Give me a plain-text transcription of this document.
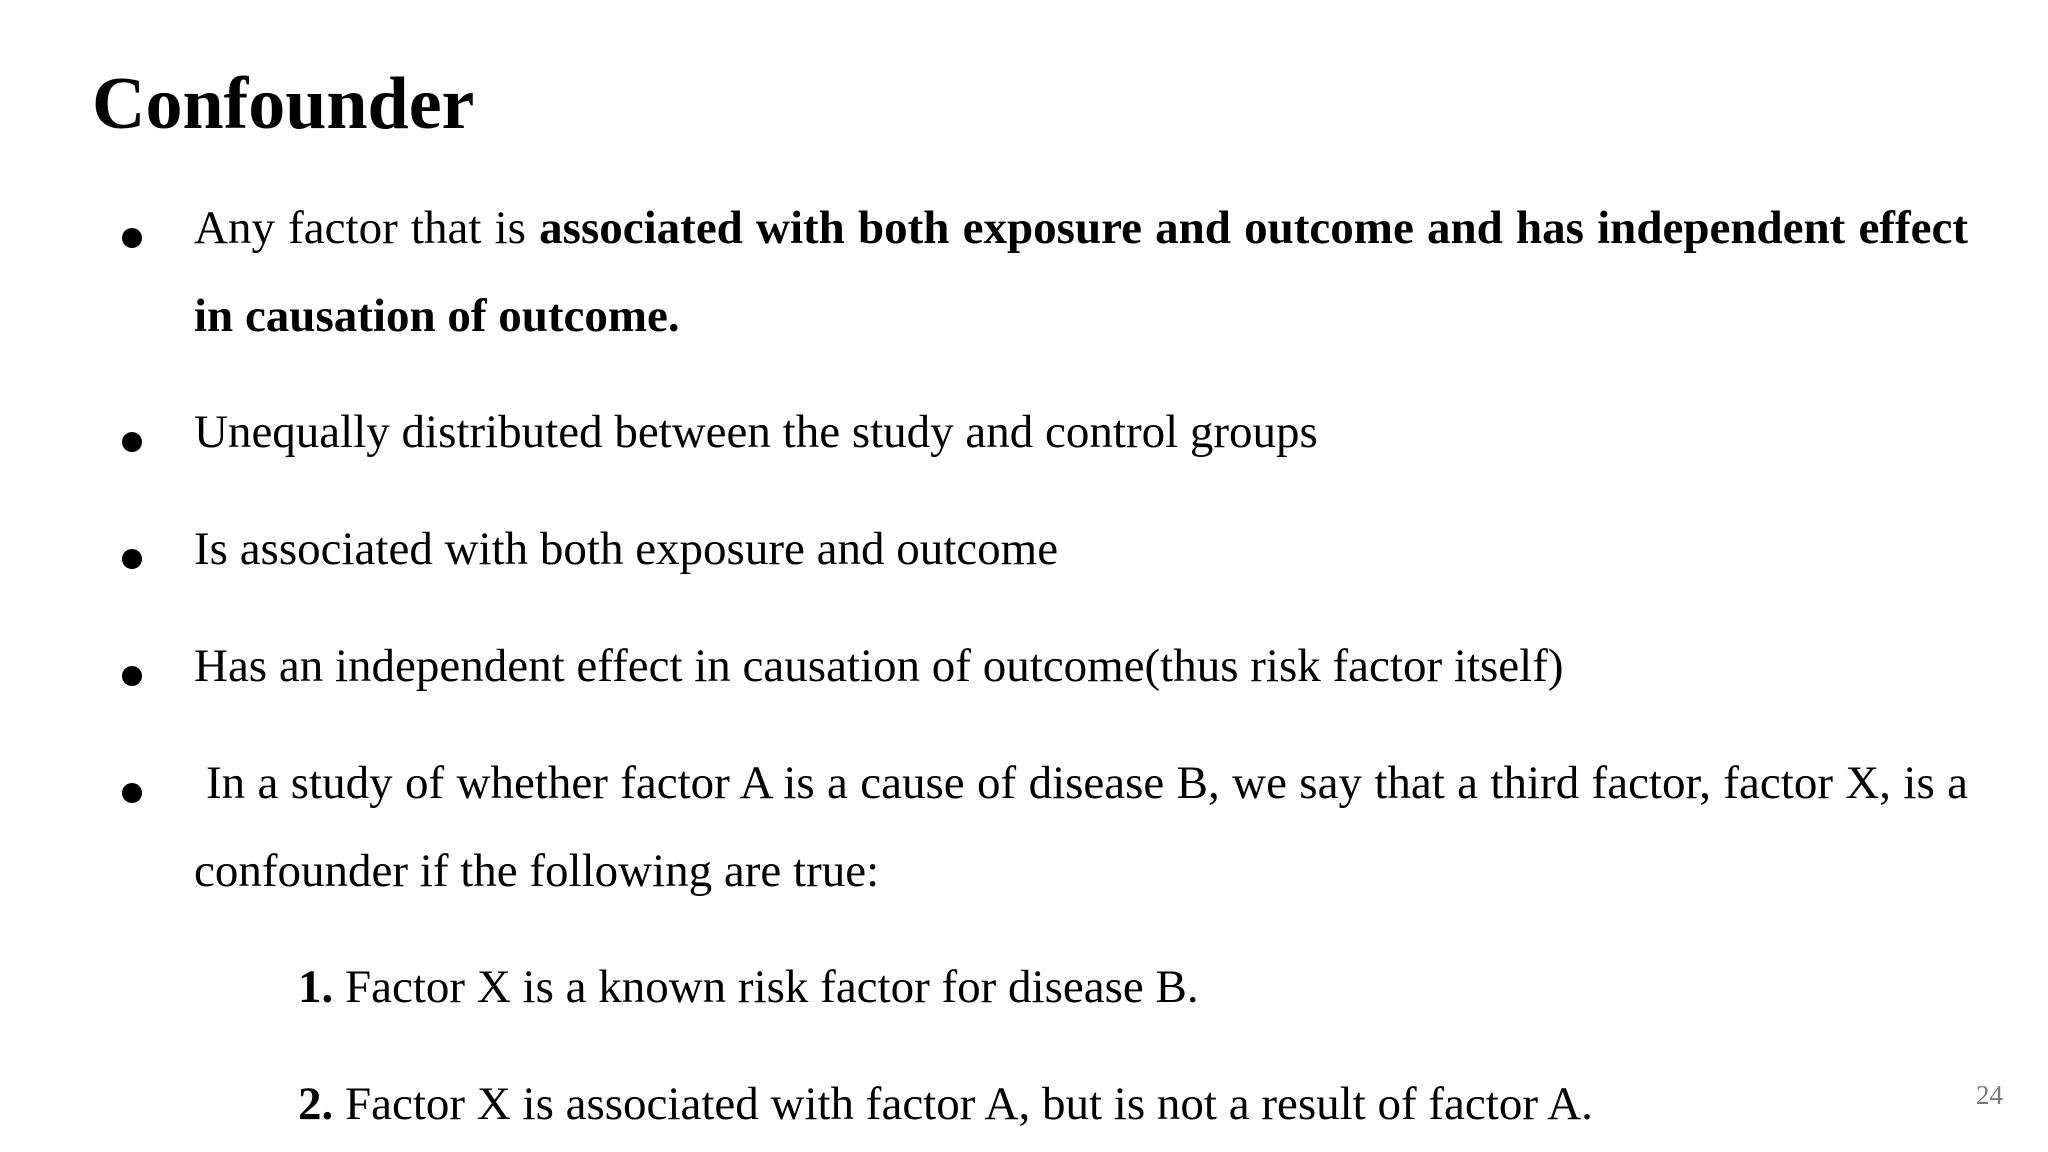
Confounder

Any factor that is associated with both exposure and outcome and has independent effect in causation of outcome.

Unequally distributed between the study and control groups

Is associated with both exposure and outcome

Has an independent effect in causation of outcome(thus risk factor itself)

In a study of whether factor A is a cause of disease B, we say that a third factor, factor X, is a confounder if the following are true:

1. Factor X is a known risk factor for disease B.
2. Factor X is associated with factor A, but is not a result of factor A.	24
